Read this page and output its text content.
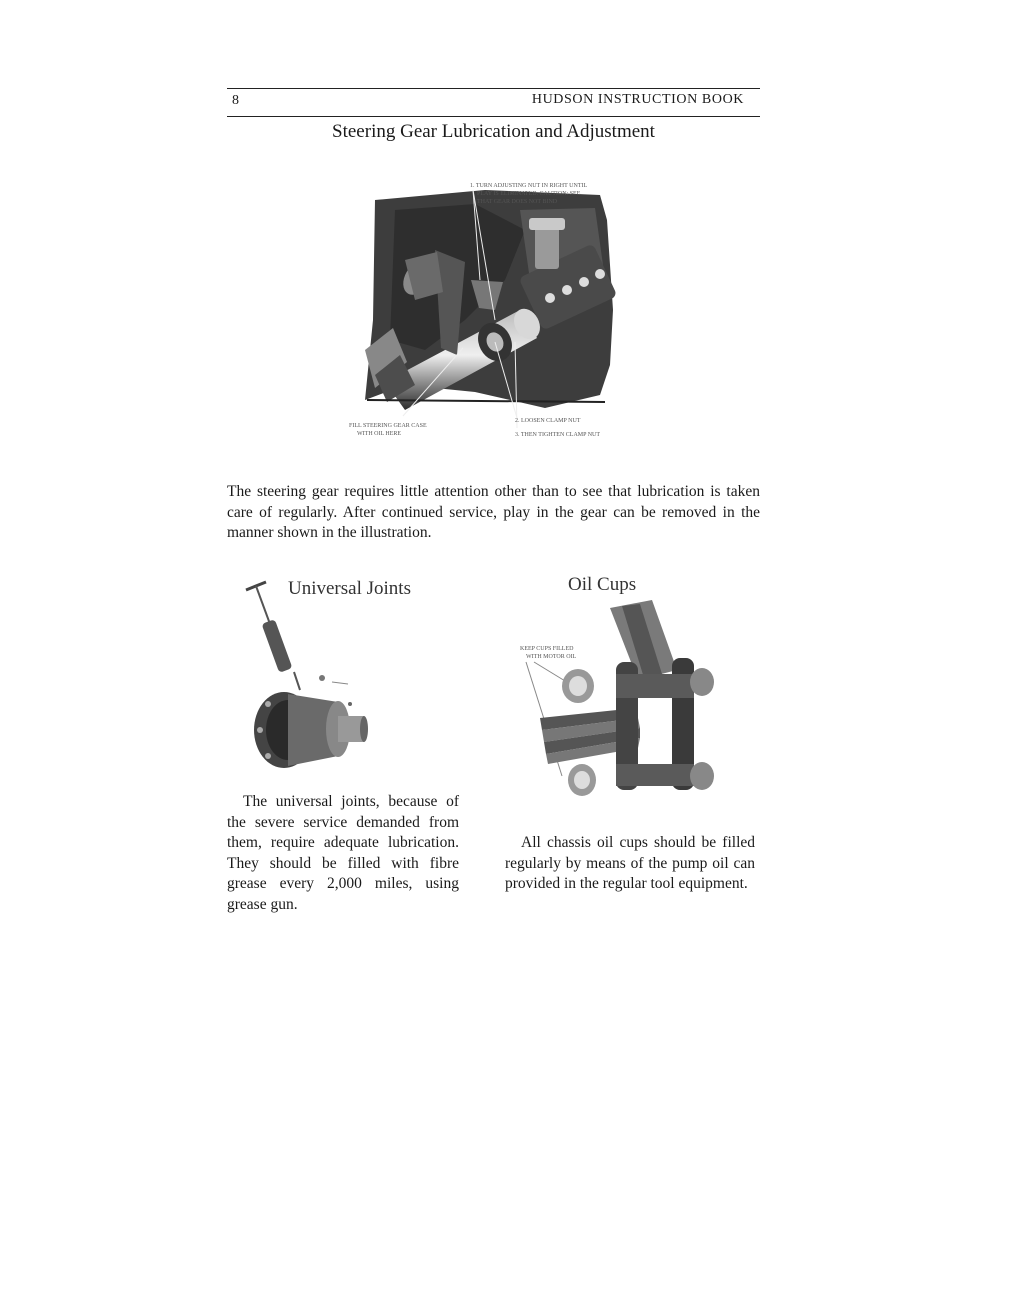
8	HUDSON INSTRUCTION BOOK
Steering Gear Lubrication and Adjustment
1. TURN ADJUSTING NUT IN RIGHT UNTIL
PLAY IS ELIMINATED. CAUTION: SEE
THAT GEAR DOES NOT BIND
FILL STEERING GEAR CASE
WITH OIL HERE
2. LOOSEN CLAMP NUT
3. THEN TIGHTEN CLAMP NUT
The steering gear requires little attention other than to see that lubrication is taken care of regularly. After continued service, play in the gear can be removed in the manner shown in the illustration.
Universal Joints

The universal joints, because of the severe service demanded from them, require adequate lubrication. They should be filled with fibre grease every 2,000 miles, using grease gun.

Oil Cups
KEEP CUPS FILLED
WITH MOTOR OIL

All chassis oil cups should be filled regularly by means of the pump oil can provided in the regular tool equipment.
